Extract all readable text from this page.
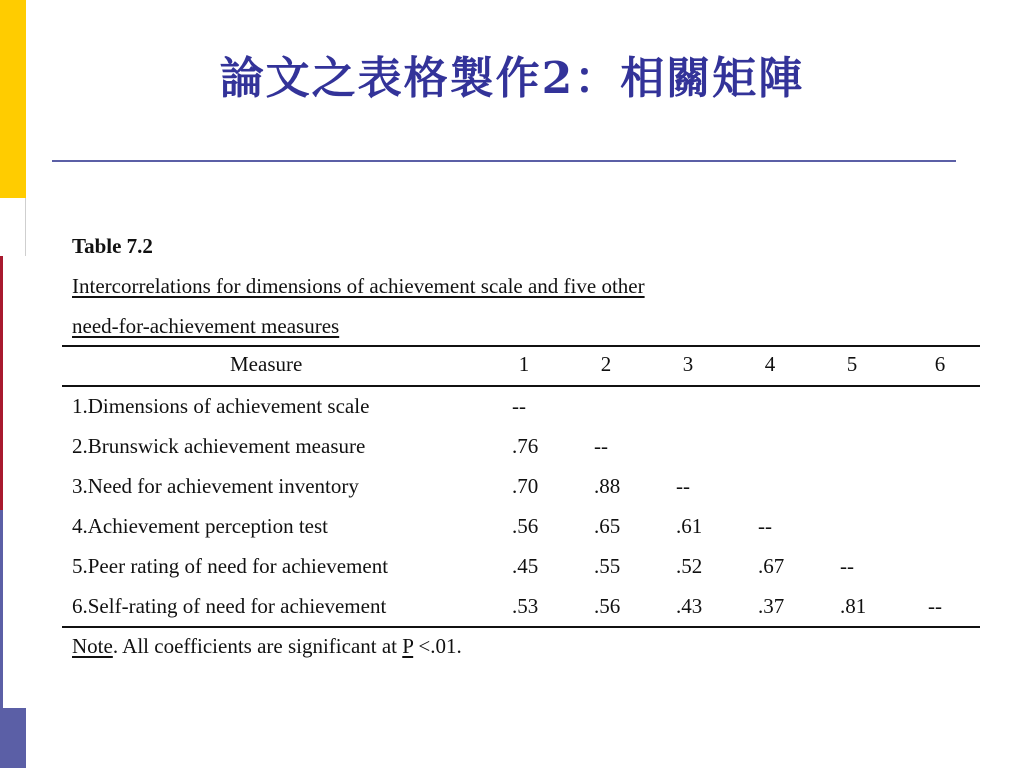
論文之表格製作2：相關矩陣
Table 7.2
Intercorrelations for dimensions of achievement scale and five other
need-for-achievement measures
Measure	1	2	3	4	5	6
1.Dimensions of achievement scale	--
2.Brunswick achievement measure	.76	--
3.Need for achievement inventory	.70	.88	--
4.Achievement perception test	.56	.65	.61	--
5.Peer rating of need for achievement	.45	.55	.52	.67	--
6.Self-rating of need for achievement	.53	.56	.43	.37	.81	--
Note. All coefficients are significant at P <.01.
